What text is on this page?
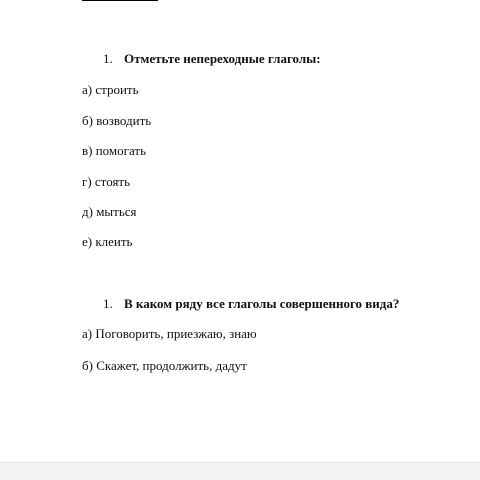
1. Отметьте непереходные глаголы:
а) строить
б) возводить
в) помогать
г) стоять
д) мыться
е) клеить
1. В каком ряду все глаголы совершенного вида?
а) Поговорить, приезжаю, знаю
б) Скажет, продолжить, дадут
